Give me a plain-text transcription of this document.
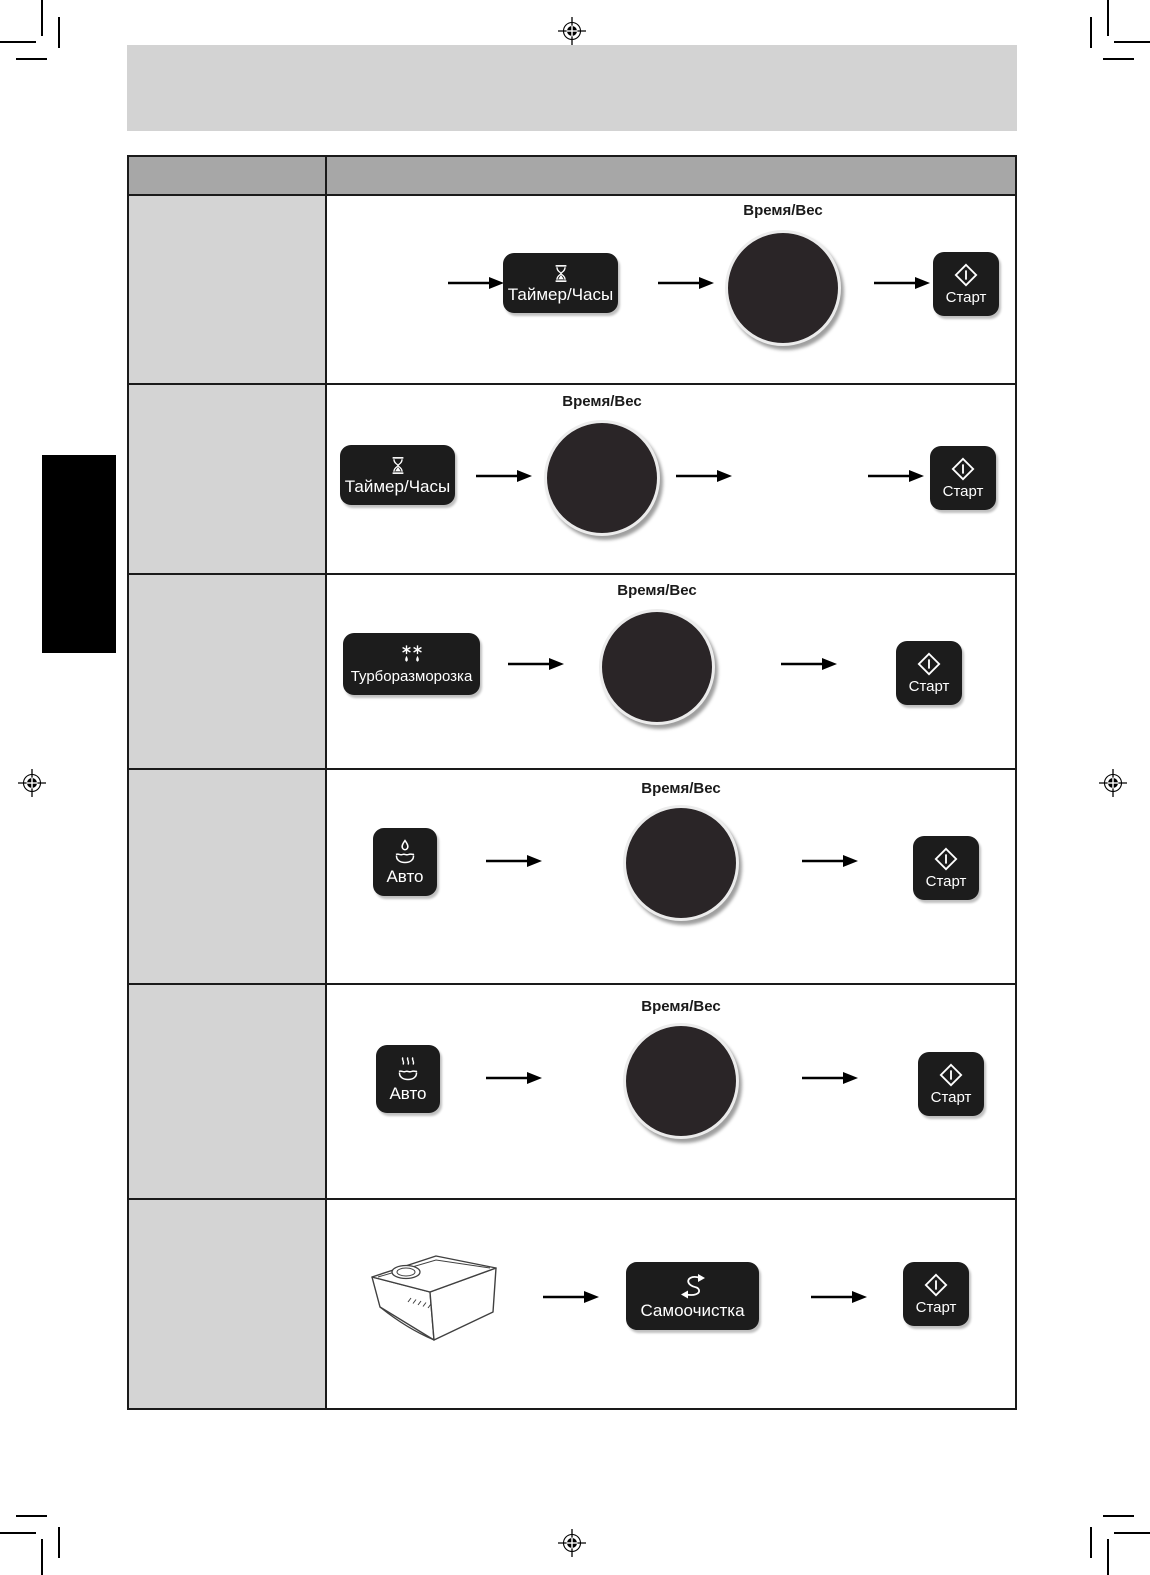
Таймер/Часы
Время/Вес
Старт
Таймер/Часы
Время/Вес
Старт
Турборазморозка
Время/Вес
Старт
Авто
Время/Вес
Старт
Авто
Время/Вес
Старт
Самоочистка	Старт
